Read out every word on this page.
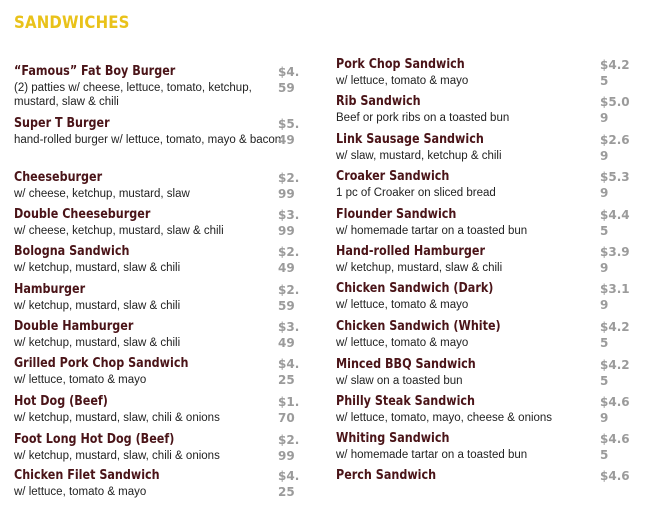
SANDWICHES
“Famous” Fat Boy Burger
(2) patties w/ cheese, lettuce, tomato, ketchup,
mustard, slaw & chili
$4.59
Super T Burger
hand-rolled burger w/ lettuce, tomato, mayo & bacon
$5.49
Cheeseburger
w/ cheese, ketchup, mustard, slaw
$2.99
Double Cheeseburger
w/ cheese, ketchup, mustard, slaw & chili
$3.99
Bologna Sandwich
w/ ketchup, mustard, slaw & chili
$2.49
Hamburger
w/ ketchup, mustard, slaw & chili
$2.59
Double Hamburger
w/ ketchup, mustard, slaw & chili
$3.49
Grilled Pork Chop Sandwich
w/ lettuce, tomato & mayo
$4.25
Hot Dog (Beef)
w/ ketchup, mustard, slaw, chili & onions
$1.70
Foot Long Hot Dog (Beef)
w/ ketchup, mustard, slaw, chili & onions
$2.99
Chicken Filet Sandwich
w/ lettuce, tomato & mayo
$4.25
Pork Chop Sandwich
w/ lettuce, tomato & mayo
$4.25
Rib Sandwich
Beef or pork ribs on a toasted bun
$5.09
Link Sausage Sandwich
w/ slaw, mustard, ketchup & chili
$2.69
Croaker Sandwich
1 pc of Croaker on sliced bread
$5.39
Flounder Sandwich
w/ homemade tartar on a toasted bun
$4.45
Hand-rolled Hamburger
w/ ketchup, mustard, slaw & chili
$3.99
Chicken Sandwich (Dark)
w/ lettuce, tomato & mayo
$3.19
Chicken Sandwich (White)
w/ lettuce, tomato & mayo
$4.25
Minced BBQ Sandwich
w/ slaw on a toasted bun
$4.25
Philly Steak Sandwich
w/ lettuce, tomato, mayo, cheese & onions
$4.69
Whiting Sandwich
w/ homemade tartar on a toasted bun
$4.65
Perch Sandwich	$4.6
